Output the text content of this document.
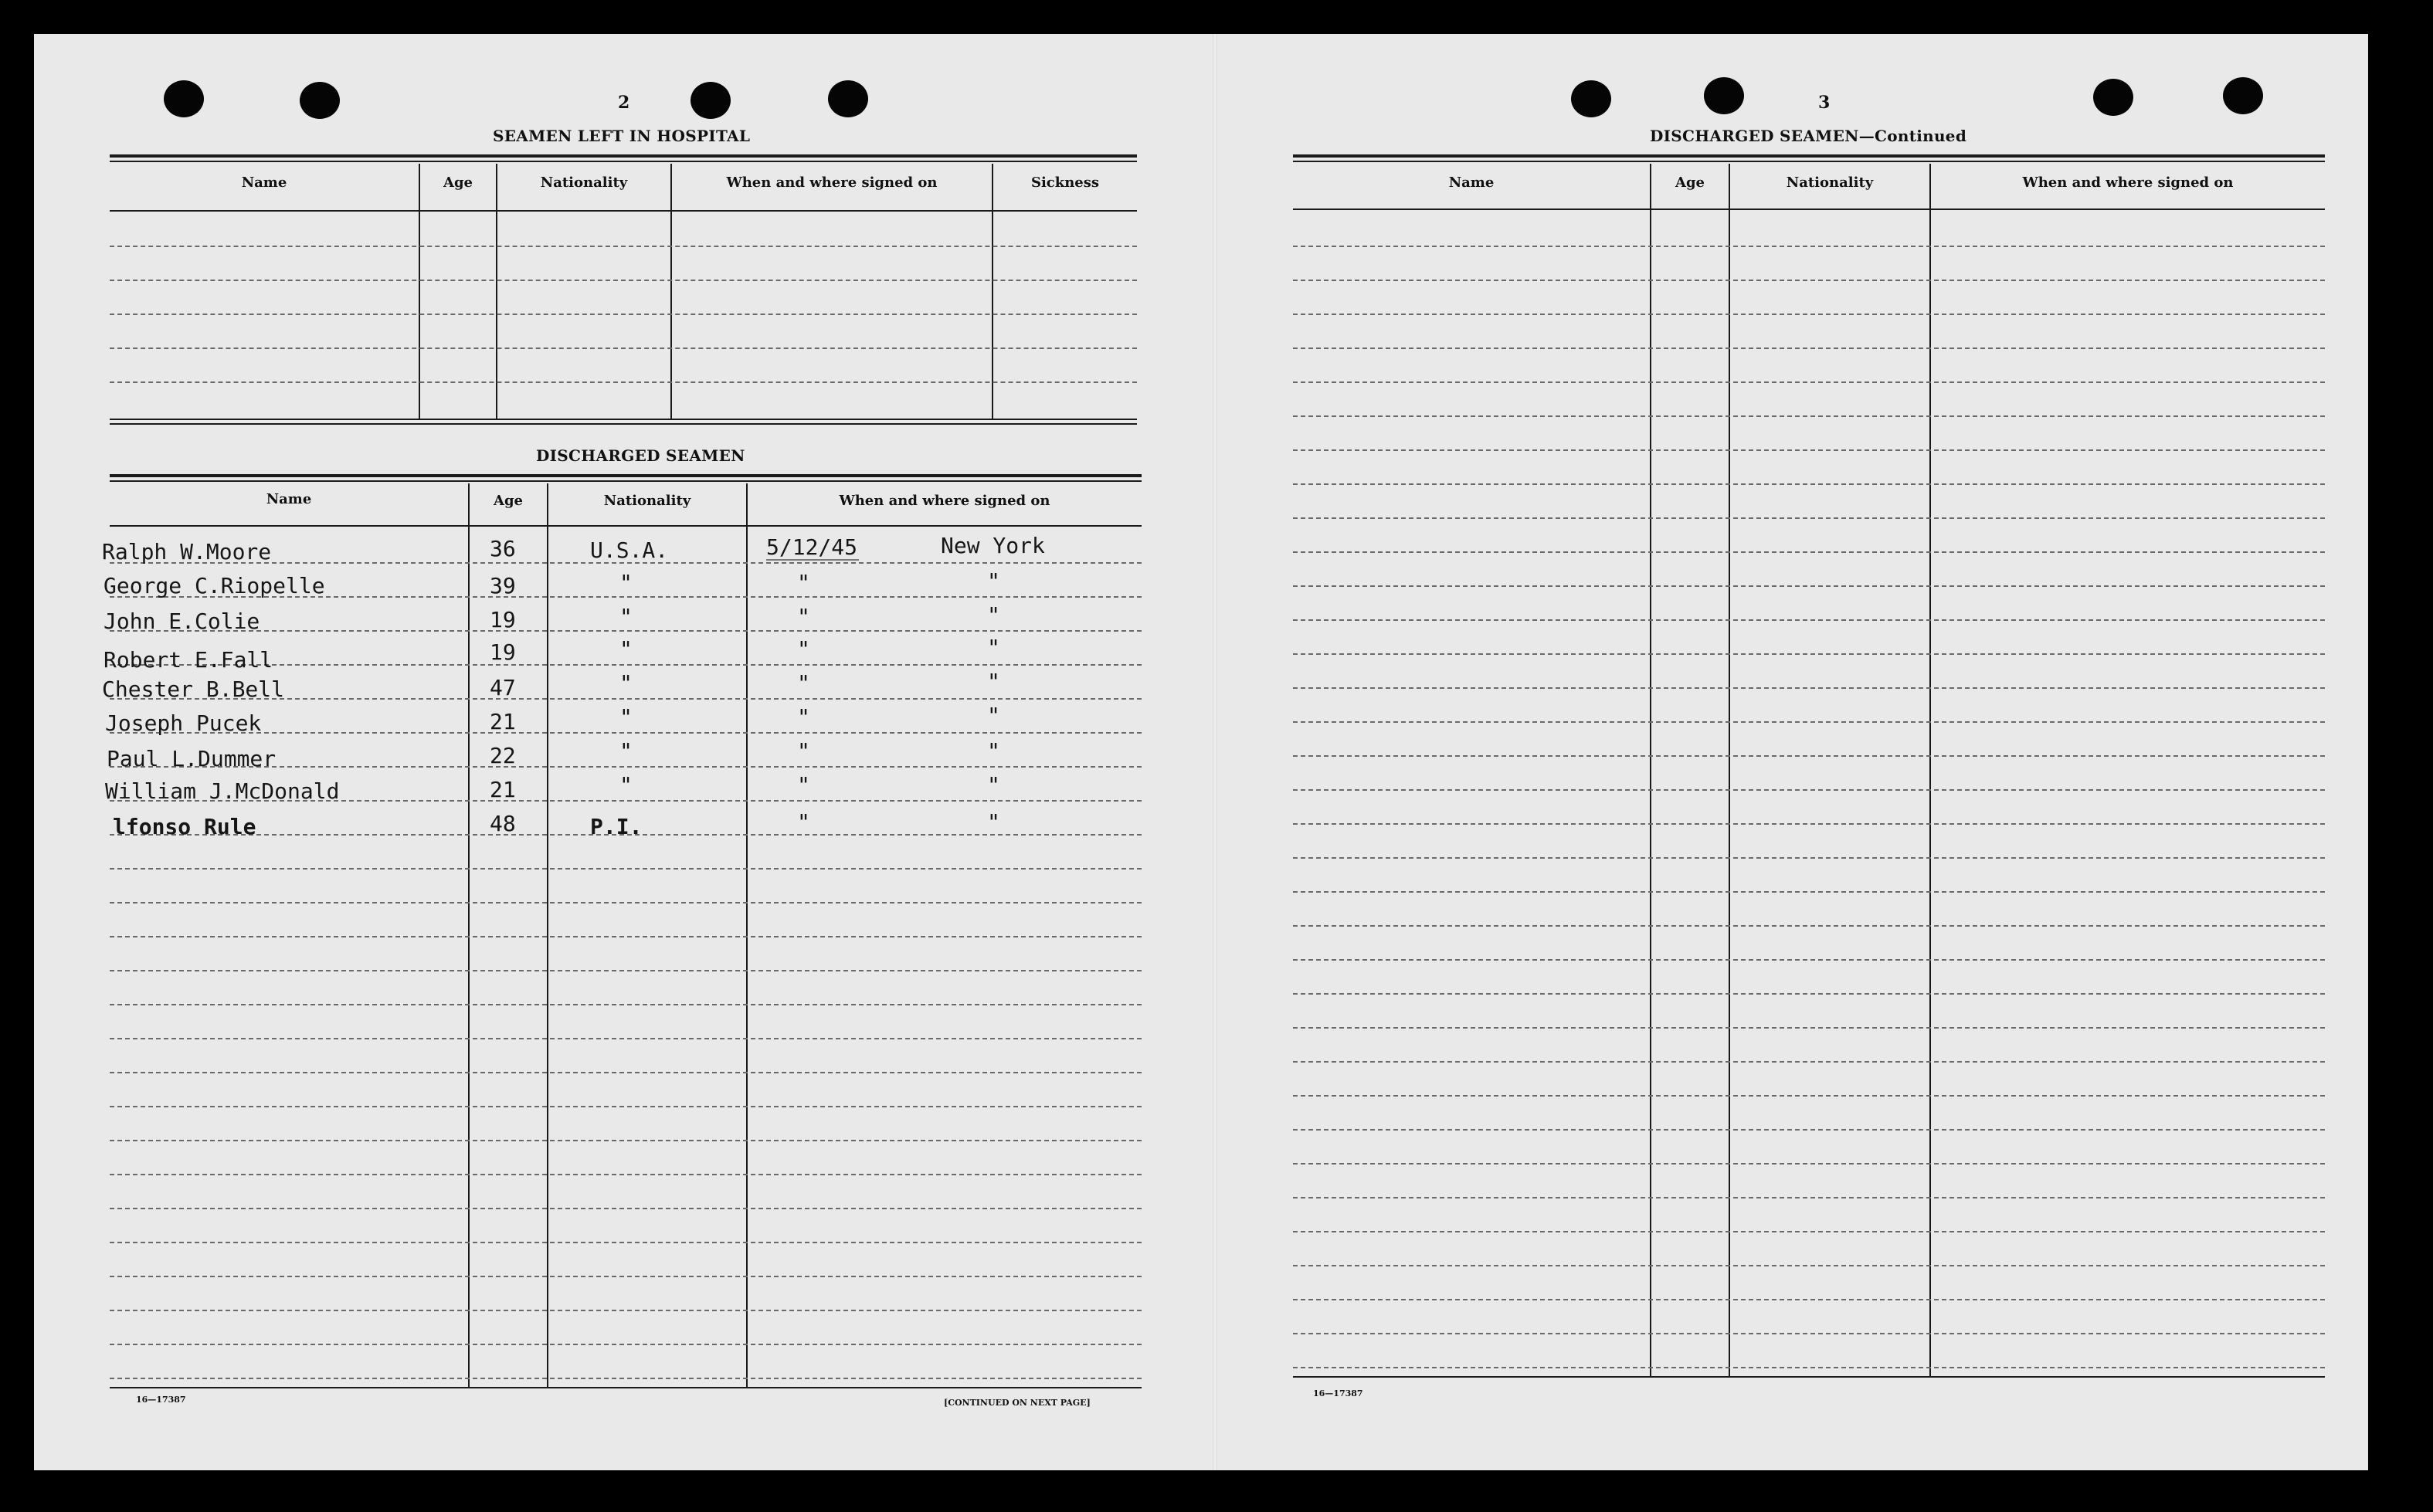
2
SEAMEN LEFT IN HOSPITAL
Name	Age	Nationality	When and where signed on	Sickness
DISCHARGED SEAMEN
Name	Age	Nationality	When and where signed on
Ralph W.Moore	36	U.S.A.	5/12/45	New York
George C.Riopelle	39	"	"	"
John E.Colie	19	"	"	"
Robert E.Fall	19	"	"	"
Chester B.Bell	47	"	"	"
Joseph Pucek	21	"	"	"
Paul L.Dummer	22	"	"	"
William J.McDonald	21	"	"	"
lfonso Rule	48	P.I.	"	"
16—17387	[CONTINUED ON NEXT PAGE]
3
DISCHARGED SEAMEN—Continued
Name	Age	Nationality	When and where signed on
16—17387
